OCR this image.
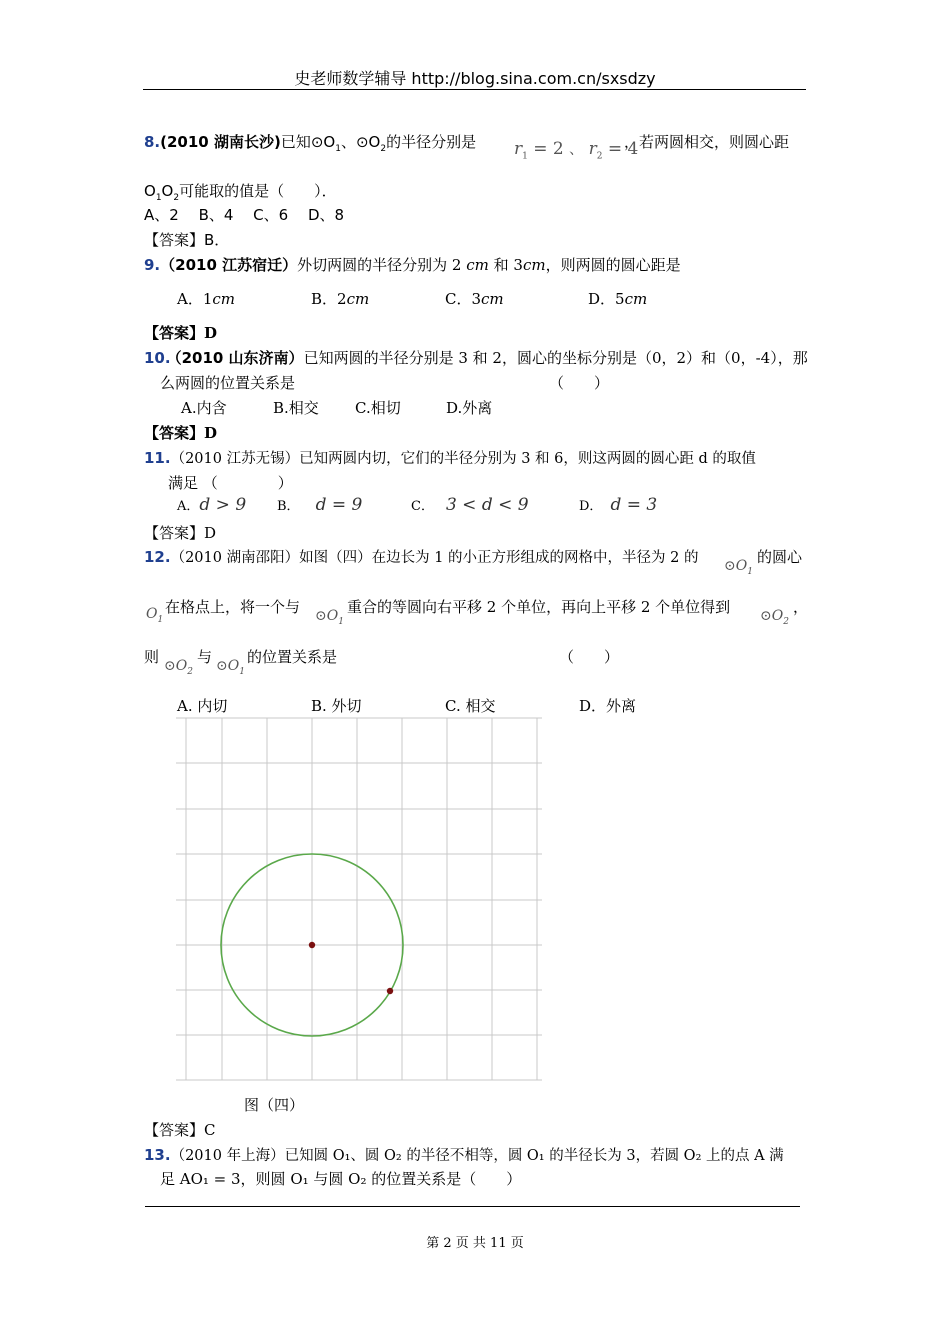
史老师数学辅导 http://blog.sina.com.cn/sxsdzy
8.(2010 湖南长沙)已知$⊙O_1$、$⊙O_2$的半径分别是 $r_1 = 2$ 、 $r_2 = 4$
，若两圆相交，则圆心距
$O_1O_2$可能取的值是（　　）．
A、2　 B、4　 C、6　 D、8
【答案】B．
9.（2010 江苏宿迁）外切两圆的半径分别为 2 cm 和 3cm，则两圆的圆心距是
A．1cm	B．2cm	C．3cm	D．5cm
【答案】D
10.（2010 山东济南）已知两圆的半径分别是 3 和 2，圆心的坐标分别是（0，2）和（0，-4），那
么两圆的位置关系是	（　　）
A.内含	B.相交 C.相切	D.外离
【答案】D
11.（2010 江苏无锡）已知两圆内切，它们的半径分别为 3 和 6，则这两圆的圆心距 d 的取值
满足 （　　　　）
A．d > 9 B． d = 9	C． 3 < d < 9	D． d = 3
【答案】D
12.（2010 湖南邵阳）如图（四）在边长为 1 的小正方形组成的网格中，半径为 2 的 $⊙O_1$
的圆心
$O_1$
在格点上，将一个与 $⊙O_1$
重合的等圆向右平移 2 个单位，再向上平移 2 个单位得到 $⊙O_2$
，
则 $⊙O_2$
与 $⊙O_1$
的位置关系是	（　　）
A. 内切	B. 外切	C. 相交	D．外离
图（四）
【答案】C
13.（2010 年上海）已知圆 O₁、圆 O₂ 的半径不相等，圆 O₁ 的半径长为 3，若圆 O₂ 上的点 A 满
足 AO₁ = 3，则圆 O₁ 与圆 O₂ 的位置关系是（　　）
第 2 页 共 11 页
